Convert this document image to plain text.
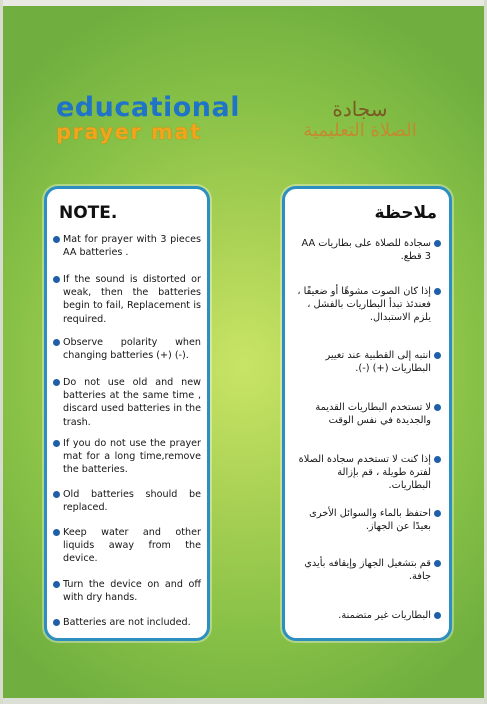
educational
prayer mat
سجادة
الصلاة التعليمية
NOTE.
Mat for prayer with 3 pieces AA batteries .
If the sound is distorted or weak, then the batteries begin to fail, Replacement is required.
Observe polarity when changing batteries (+) (-).
Do not use old and new batteries at the same time , discard used batteries in the trash.
If you do not use the prayer mat for a long time,remove the batteries.
Old batteries should be replaced.
Keep water and other liquids away from the device.
Turn the device on and off with dry hands.
Batteries are not included.
ملاحظة
سجادة للصلاة على بطاريات AA 3 قطع.
إذا كان الصوت مشوهًا أو ضعيفًا ، فعندئذ تبدأ البطاريات بالفشل ، يلزم الاستبدال.
انتبه إلى القطبية عند تغيير البطاريات (+) (-).
لا تستخدم البطاريات القديمة والجديدة في نفس الوقت
إذا كنت لا تستخدم سجادة الصلاة لفترة طويلة ، قم بإزالة البطاريات.
احتفظ بالماء والسوائل الأخرى بعيدًا عن الجهاز.
قم بتشغيل الجهاز وإيقافه بأيدي جافة.
البطاريات غير متضمنة.
